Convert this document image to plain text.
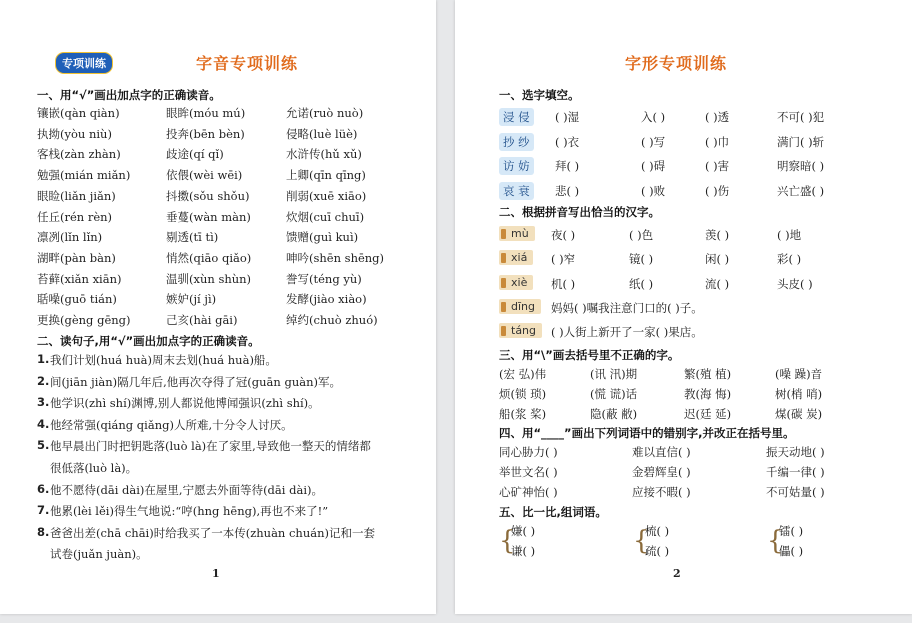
专项训练	字音专项训练
一、用“√”画出加点字的正确读音。
镶嵌(qàn qiàn)	眼眸(móu mú)	允诺(ruò nuò)
执拗(yòu niù)	投奔(bēn bèn)	侵略(luè lüè)
客栈(zàn zhàn)	歧途(qí qǐ)	水浒传(hǔ xǔ)
勉强(mián miǎn)	依偎(wèi wēi)	上卿(qīn qīng)
眼睑(liǎn jiǎn)	抖擞(sǒu shǒu)	削弱(xuē xiāo)
任丘(rén rèn)	垂蔓(wàn màn)	炊烟(cuī chuī)
凛冽(lǐn lǐn)	剔透(tī tì)	馈赠(guì kuì)
湖畔(pàn bàn)	悄然(qiāo qiǎo)	呻吟(shēn shēng)
苔藓(xiǎn xiān)	温驯(xùn shùn)	誊写(téng yù)
聒噪(guō tián)	嫉妒(jí jì)	发酵(jiào xiào)
更换(gèng gēng)	己亥(hài gāi)	绰约(chuò zhuó)
二、读句子,用“√”画出加点字的正确读音。
1. 我们计划(huá huà)周末去划(huá huà)船。
2. 间(jiān jiàn)隔几年后,他再次夺得了冠(guān guàn)军。
3. 他学识(zhì shí)渊博,别人都说他博闻强识(zhì shí)。
4. 他经常强(qiáng qiǎng)人所难,十分令人讨厌。
5. 他早晨出门时把钥匙落(luò là)在了家里,导致他一整天的情绪都
很低落(luò là)。
6. 他不愿待(dāi dài)在屋里,宁愿去外面等待(dāi dài)。
7. 他累(lèi lěi)得生气地说:“哼(hng hēng),再也不来了!”
8. 爸爸出差(chā chāi)时给我买了一本传(zhuàn chuán)记和一套
试卷(juǎn juàn)。
1
字形专项训练
一、选字填空。
浸 侵	( )湿	入( )	( )透	不可( )犯
抄 纱	( )衣	( )写	( )巾	满门( )斩
访 妨	拜( )	( )碍	( )害	明察暗( )
哀 衰	悲( )	( )败	( )伤	兴亡盛( )
二、根据拼音写出恰当的汉字。
mù	夜( )	( )色	羡( )	( )地
xiá	( )窄	镜( )	闲( )	彩( )
xiè	机( )	纸( )	流( )	头皮( )
dīng	妈妈( )嘱我注意门口的( )子。
táng	( )人街上新开了一家( )果店。
三、用“\”画去括号里不正确的字。
(宏 弘)伟	(讯 汛)期	繁(殖 植)	(噪 躁)音
烦(锁 琐)	(慌 谎)话	教(海 悔)	树(梢 哨)
船(浆 桨)	隐(蔽 敝)	迟(廷 延)	煤(碳 炭)
四、用“____”画出下列词语中的错别字,并改正在括号里。
同心胁力( )	难以直信( )	振天动地( )
举世文名( )	金碧辉皇( )	千编一律( )
心矿神怡( )	应接不暇( )	不可姑量( )
五、比一比,组词语。
{	{	{
嫌( )	梳( )	镭( )
谦( )	疏( )	儡( )
2
